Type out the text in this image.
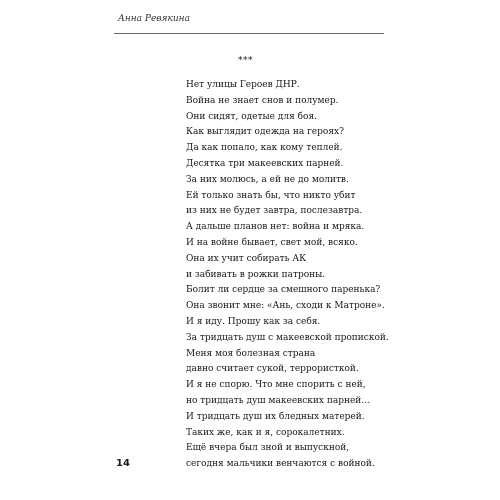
Анна Ревякина
***
Нет улицы Героев ДНР.
Война не знает снов и полумер.
Они сидят, одетые для боя.
Как выглядит одежда на героях?
Да как попало, как кому теплей.
Десятка три макеевских парней.
За них молюсь, а ей не до молитв.
Ей только знать бы, что никто убит
из них не будет завтра, послезавтра.
А дальше планов нет: война и мряка.
И на войне бывает, свет мой, всяко.
Она их учит собирать АК
и забивать в рожки патроны.
Болит ли сердце за смешного паренька?
Она звонит мне: «Ань, сходи к Матроне».
И я иду. Прошу как за себя.
За тридцать душ с макеевской пропиской.
Меня моя болезная страна
давно считает сукой, террористкой.
И я не спорю. Что мне спорить с ней,
но тридцать душ макеевских парней…
И тридцать душ их бледных матерей.
Таких же, как и я, сорокалетних.
Ещё вчера был зной и выпускной,
сегодня мальчики венчаются с войной.
14
